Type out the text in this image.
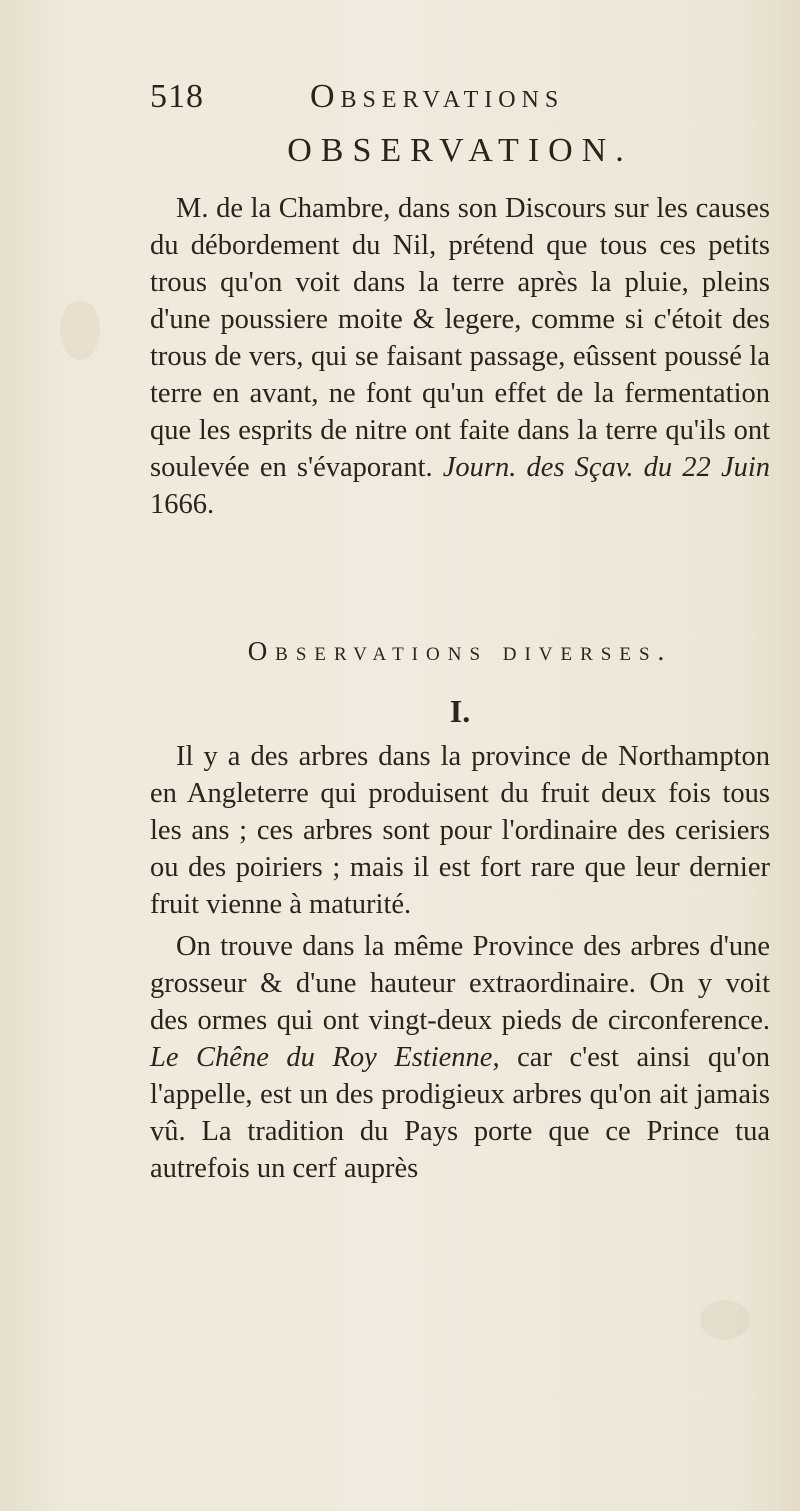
518	Observations
OBSERVATION.

M. de la Chambre, dans son Discours sur les causes du débordement du Nil, prétend que tous ces petits trous qu'on voit dans la terre après la pluie, pleins d'une poussiere moite & legere, comme si c'étoit des trous de vers, qui se faisant passage, eûssent poussé la terre en avant, ne font qu'un effet de la fermentation que les esprits de nitre ont faite dans la terre qu'ils ont soulevée en s'évaporant. Journ. des Sçav. du 22 Juin 1666.

Observations diverses.
I.

Il y a des arbres dans la province de Northampton en Angleterre qui produisent du fruit deux fois tous les ans ; ces arbres sont pour l'ordinaire des cerisiers ou des poiriers ; mais il est fort rare que leur dernier fruit vienne à maturité.

On trouve dans la même Province des arbres d'une grosseur & d'une hauteur extraordinaire. On y voit des ormes qui ont vingt-deux pieds de circonference. Le Chêne du Roy Estienne, car c'est ainsi qu'on l'appelle, est un des prodigieux arbres qu'on ait jamais vû. La tradition du Pays porte que ce Prince tua autrefois un cerf auprès
